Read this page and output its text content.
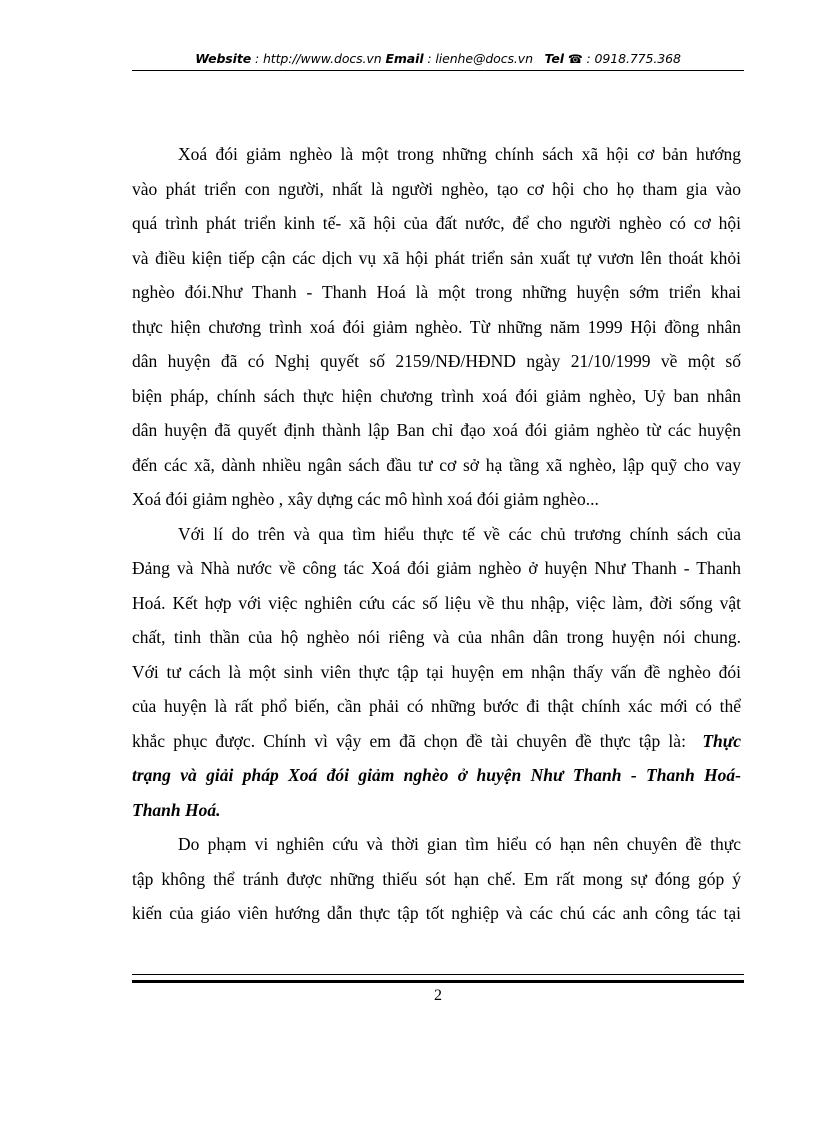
Website : http://www.docs.vn Email : lienhe@docs.vn Tel ☎ : 0918.775.368
Xoá đói giảm nghèo là một trong những chính sách xã hội cơ bản hướng
vào phát triển con người, nhất là người nghèo, tạo cơ hội cho họ tham gia vào
quá trình phát triển kinh tế- xã hội của đất nước, để cho người nghèo có cơ hội
và điều kiện tiếp cận các dịch vụ xã hội phát triển sản xuất tự vươn lên thoát khỏi
nghèo đói.Như Thanh - Thanh Hoá là một trong những huyện sớm triển khai
thực hiện chương trình xoá đói giảm nghèo. Từ những năm 1999 Hội đồng nhân
dân huyện đã có Nghị quyết số 2159/NĐ/HĐND ngày 21/10/1999 về một số
biện pháp, chính sách thực hiện chương trình xoá đói giảm nghèo, Uỷ ban nhân
dân huyện đã quyết định thành lập Ban chỉ đạo xoá đói giảm nghèo từ các huyện
đến các xã, dành nhiều ngân sách đầu tư cơ sở hạ tầng xã nghèo, lập quỹ cho vay
Xoá đói giảm nghèo , xây dựng các mô hình xoá đói giảm nghèo...
Với lí do trên và qua tìm hiểu thực tế về các chủ trương chính sách của
Đảng và Nhà nước về công tác Xoá đói giảm nghèo ở huyện Như Thanh - Thanh
Hoá. Kết hợp với việc nghiên cứu các số liệu về thu nhập, việc làm, đời sống vật
chất, tinh thần của hộ nghèo nói riêng và của nhân dân trong huyện nói chung.
Với tư cách là một sinh viên thực tập tại huyện em nhận thấy vấn đề nghèo đói
của huyện là rất phổ biến, cần phải có những bước đi thật chính xác mới có thể
khắc phục được. Chính vì vậy em đã chọn đề tài chuyên đề thực tập là: Thực
trạng và giải pháp Xoá đói giảm nghèo ở huyện Như Thanh - Thanh Hoá-
Thanh Hoá.
Do phạm vi nghiên cứu và thời gian tìm hiểu có hạn nên chuyên đề thực
tập không thể tránh được những thiếu sót hạn chế. Em rất mong sự đóng góp ý
kiến của giáo viên hướng dẫn thực tập tốt nghiệp và các chú các anh công tác tại
2
